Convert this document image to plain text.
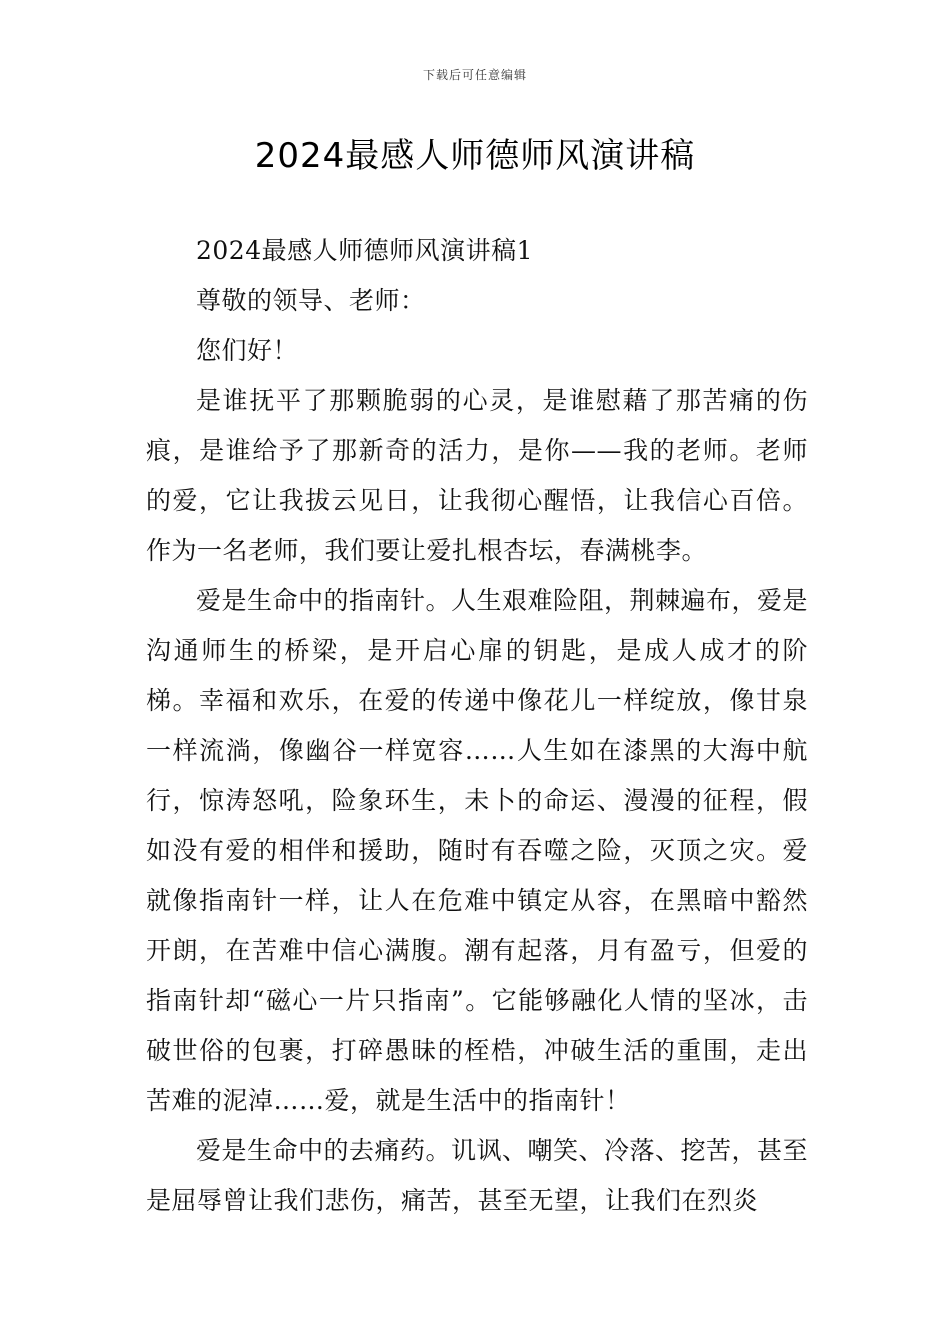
下载后可任意编辑
2024最感人师德师风演讲稿

2024最感人师德师风演讲稿1

尊敬的领导、老师：

您们好！

是谁抚平了那颗脆弱的心灵，是谁慰藉了那苦痛的伤痕，是谁给予了那新奇的活力，是你——我的老师。老师的爱，它让我拔云见日，让我彻心醒悟，让我信心百倍。作为一名老师，我们要让爱扎根杏坛，春满桃李。

爱是生命中的指南针。人生艰难险阻，荆棘遍布，爱是沟通师生的桥梁，是开启心扉的钥匙，是成人成才的阶梯。幸福和欢乐，在爱的传递中像花儿一样绽放，像甘泉一样流淌，像幽谷一样宽容……人生如在漆黑的大海中航行，惊涛怒吼，险象环生，未卜的命运、漫漫的征程，假如没有爱的相伴和援助，随时有吞噬之险，灭顶之灾。爱就像指南针一样，让人在危难中镇定从容，在黑暗中豁然开朗，在苦难中信心满腹。潮有起落，月有盈亏，但爱的指南针却“磁心一片只指南”。它能够融化人情的坚冰，击破世俗的包裹，打碎愚昧的桎梏，冲破生活的重围，走出苦难的泥淖……爱，就是生活中的指南针！

爱是生命中的去痛药。讥讽、嘲笑、冷落、挖苦，甚至是屈辱曾让我们悲伤，痛苦，甚至无望，让我们在烈炎
